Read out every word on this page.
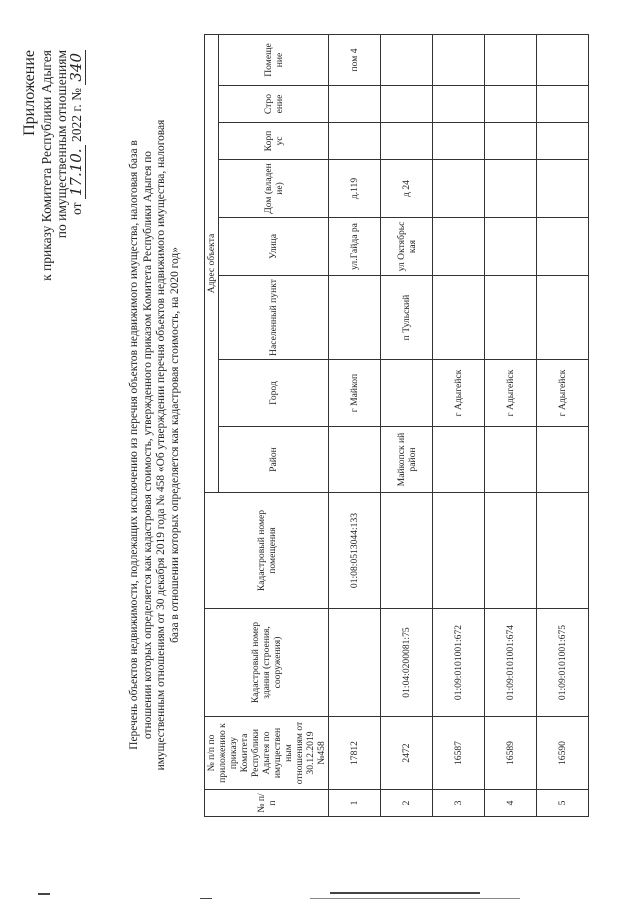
Приложение к приказу Комитета Республики Адыгея по имущественным отношениям от 17.10. 2022 г. № 340
Перечень объектов недвижимости, подлежащих исключению из перечня объектов недвижимого имущества, налоговая база в отношении которых определяется как кадастровая стоимость, утвержденного приказом Комитета Республики Адыгея по имущественным отношениям от 30 декабря 2019 года № 458 «Об утверждении перечня объектов недвижимого имущества, налоговая база в отношении которых определяется как кадастровая стоимость, на 2020 год»
№ п/п	№ п/п по приложению к приказу Комитета Республики Адыгея по имуществен ным отношениям от 30.12.2019 №458	Кадастровый номер здания (строения, сооружения)	Кадастровый номер помещения	Адрес объекта							
				Район	Город	Населенный пункт	Улица	Дом (владен ие)	Корп ус	Стро ение	Помеще ние
1	17812		01:08:0513044:133		г Майкоп		ул.Гайда ра	д.119			пом 4
2	2472	01:04:0200081:75		Майкопск ий район		п Тульский	ул Октябрьс кая	д 24			
3	16587	01:09:0101001:672			г Адыгейск						
4	16589	01:09:0101001:674			г Адыгейск						
5	16590	01:09:0101001:675			г Адыгейск						
